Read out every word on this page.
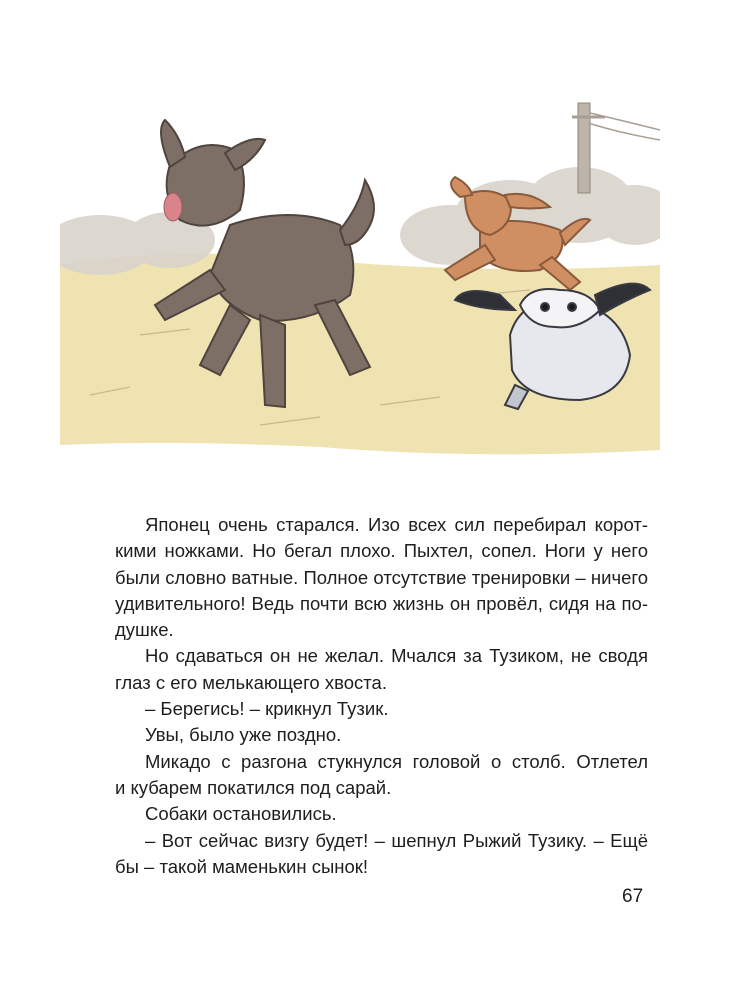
Японец очень старался. Изо всех сил перебирал корот-
кими ножками. Но бегал плохо. Пыхтел, сопел. Ноги у него
были словно ватные. Полное отсутствие тренировки – ничего
удивительного! Ведь почти всю жизнь он провёл, сидя на по-
душке.
Но сдаваться он не желал. Мчался за Тузиком, не сводя
глаз с его мелькающего хвоста.
– Берегись! – крикнул Тузик.
Увы, было уже поздно.
Микадо с разгона стукнулся головой о столб. Отлетел
и кубарем покатился под сарай.
Собаки остановились.
– Вот сейчас визгу будет! – шепнул Рыжий Тузику. – Ещё
бы – такой маменькин сынок!
67
